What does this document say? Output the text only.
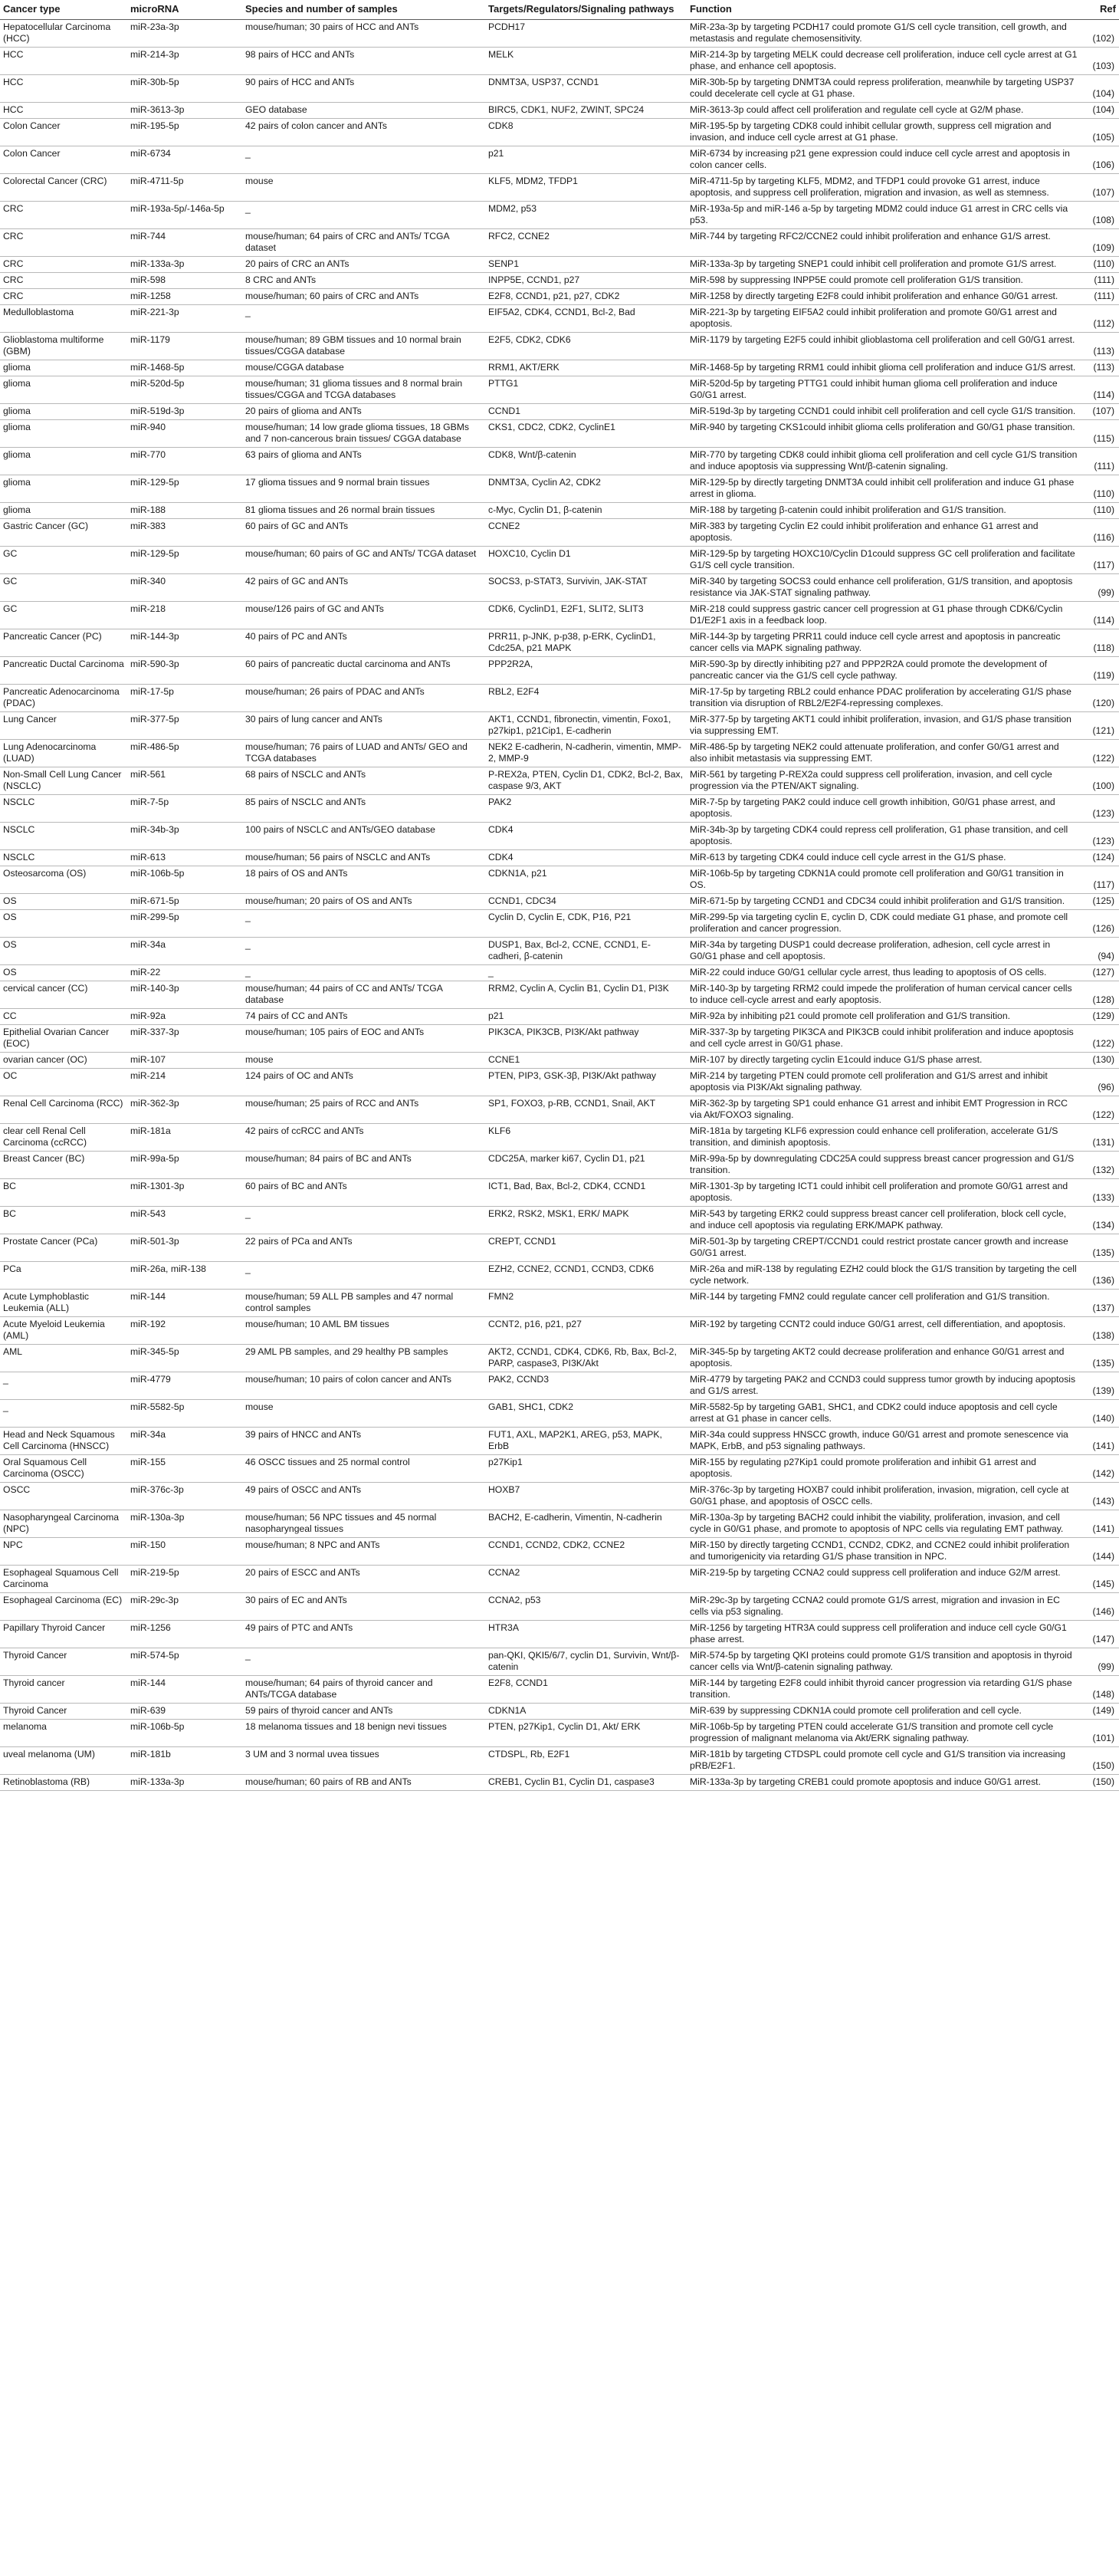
Cancer type	microRNA	Species and number of samples	Targets/Regulators/Signaling pathways	Function	Ref
Hepatocellular Carcinoma (HCC)	miR-23a-3p	mouse/human; 30 pairs of HCC and ANTs	PCDH17	MiR-23a-3p by targeting PCDH17 could promote G1/S cell cycle transition, cell growth, and metastasis and regulate chemosensitivity.	(102)
HCC	miR-214-3p	98 pairs of HCC and ANTs	MELK	MiR-214-3p by targeting MELK could decrease cell proliferation, induce cell cycle arrest at G1 phase, and enhance cell apoptosis.	(103)
HCC	miR-30b-5p	90 pairs of HCC and ANTs	DNMT3A, USP37, CCND1	MiR-30b-5p by targeting DNMT3A could repress proliferation, meanwhile by targeting USP37 could decelerate cell cycle at G1 phase.	(104)
HCC	miR-3613-3p	GEO database	BIRC5, CDK1, NUF2, ZWINT, SPC24	MiR-3613-3p could affect cell proliferation and regulate cell cycle at G2/M phase.	(104)
Colon Cancer	miR-195-5p	42 pairs of colon cancer and ANTs	CDK8	MiR-195-5p by targeting CDK8 could inhibit cellular growth, suppress cell migration and invasion, and induce cell cycle arrest at G1 phase.	(105)
Colon Cancer	miR-6734	_	p21	MiR-6734 by increasing p21 gene expression could induce cell cycle arrest and apoptosis in colon cancer cells.	(106)
Colorectal Cancer (CRC)	miR-4711-5p	mouse	KLF5, MDM2, TFDP1	MiR-4711-5p by targeting KLF5, MDM2, and TFDP1 could provoke G1 arrest, induce apoptosis, and suppress cell proliferation, migration and invasion, as well as stemness.	(107)
CRC	miR-193a-5p/-146a-5p	_	MDM2, p53	MiR-193a-5p and miR-146 a-5p by targeting MDM2 could induce G1 arrest in CRC cells via p53.	(108)
CRC	miR-744	mouse/human; 64 pairs of CRC and ANTs/ TCGA dataset	RFC2, CCNE2	MiR-744 by targeting RFC2/CCNE2 could inhibit proliferation and enhance G1/S arrest.	(109)
CRC	miR-133a-3p	20 pairs of CRC an ANTs	SENP1	MiR-133a-3p by targeting SNEP1 could inhibit cell proliferation and promote G1/S arrest.	(110)
CRC	miR-598	8 CRC and ANTs	INPP5E, CCND1, p27	MiR-598 by suppressing INPP5E could promote cell proliferation G1/S transition.	(111)
CRC	miR-1258	mouse/human; 60 pairs of CRC and ANTs	E2F8, CCND1, p21, p27, CDK2	MiR-1258 by directly targeting E2F8 could inhibit proliferation and enhance G0/G1 arrest.	(111)
Medulloblastoma	miR-221-3p	_	EIF5A2, CDK4, CCND1, Bcl-2, Bad	MiR-221-3p by targeting EIF5A2 could inhibit proliferation and promote G0/G1 arrest and apoptosis.	(112)
Glioblastoma multiforme (GBM)	miR-1179	mouse/human; 89 GBM tissues and 10 normal brain tissues/CGGA database	E2F5, CDK2, CDK6	MiR-1179 by targeting E2F5 could inhibit glioblastoma cell proliferation and cell G0/G1 arrest.	(113)
glioma	miR-1468-5p	mouse/CGGA database	RRM1, AKT/ERK	MiR-1468-5p by targeting RRM1 could inhibit glioma cell proliferation and induce G1/S arrest.	(113)
glioma	miR-520d-5p	mouse/human; 31 glioma tissues and 8 normal brain tissues/CGGA and TCGA databases	PTTG1	MiR-520d-5p by targeting PTTG1 could inhibit human glioma cell proliferation and induce G0/G1 arrest.	(114)
glioma	miR-519d-3p	20 pairs of glioma and ANTs	CCND1	MiR-519d-3p by targeting CCND1 could inhibit cell proliferation and cell cycle G1/S transition.	(107)
glioma	miR-940	mouse/human; 14 low grade glioma tissues, 18 GBMs and 7 non-cancerous brain tissues/ CGGA database	CKS1, CDC2, CDK2, CyclinE1	MiR-940 by targeting CKS1could inhibit glioma cells proliferation and G0/G1 phase transition.	(115)
glioma	miR-770	63 pairs of glioma and ANTs	CDK8, Wnt/β-catenin	MiR-770 by targeting CDK8 could inhibit glioma cell proliferation and cell cycle G1/S transition and induce apoptosis via suppressing Wnt/β-catenin signaling.	(111)
glioma	miR-129-5p	17 glioma tissues and 9 normal brain tissues	DNMT3A, Cyclin A2, CDK2	MiR-129-5p by directly targeting DNMT3A could inhibit cell proliferation and induce G1 phase arrest in glioma.	(110)
glioma	miR-188	81 glioma tissues and 26 normal brain tissues	c-Myc, Cyclin D1, β-catenin	MiR-188 by targeting β-catenin could inhibit proliferation and G1/S transition.	(110)
Gastric Cancer (GC)	miR-383	60 pairs of GC and ANTs	CCNE2	MiR-383 by targeting Cyclin E2 could inhibit proliferation and enhance G1 arrest and apoptosis.	(116)
GC	miR-129-5p	mouse/human; 60 pairs of GC and ANTs/ TCGA dataset	HOXC10, Cyclin D1	MiR-129-5p by targeting HOXC10/Cyclin D1could suppress GC cell proliferation and facilitate G1/S cell cycle transition.	(117)
GC	miR-340	42 pairs of GC and ANTs	SOCS3, p-STAT3, Survivin, JAK-STAT	MiR-340 by targeting SOCS3 could enhance cell proliferation, G1/S transition, and apoptosis resistance via JAK-STAT signaling pathway.	(99)
GC	miR-218	mouse/126 pairs of GC and ANTs	CDK6, CyclinD1, E2F1, SLIT2, SLIT3	MiR-218 could suppress gastric cancer cell progression at G1 phase through CDK6/Cyclin D1/E2F1 axis in a feedback loop.	(114)
Pancreatic Cancer (PC)	miR-144-3p	40 pairs of PC and ANTs	PRR11, p-JNK, p-p38, p-ERK, CyclinD1, Cdc25A, p21 MAPK	MiR-144-3p by targeting PRR11 could induce cell cycle arrest and apoptosis in pancreatic cancer cells via MAPK signaling pathway.	(118)
Pancreatic Ductal Carcinoma	miR-590-3p	60 pairs of pancreatic ductal carcinoma and ANTs	PPP2R2A,	MiR-590-3p by directly inhibiting p27 and PPP2R2A could promote the development of pancreatic cancer via the G1/S cell cycle pathway.	(119)
Pancreatic Adenocarcinoma (PDAC)	miR-17-5p	mouse/human; 26 pairs of PDAC and ANTs	RBL2, E2F4	MiR-17-5p by targeting RBL2 could enhance PDAC proliferation by accelerating G1/S phase transition via disruption of RBL2/E2F4-repressing complexes.	(120)
Lung Cancer	miR-377-5p	30 pairs of lung cancer and ANTs	AKT1, CCND1, fibronectin, vimentin, Foxo1, p27kip1, p21Cip1, E-cadherin	MiR-377-5p by targeting AKT1 could inhibit proliferation, invasion, and G1/S phase transition via suppressing EMT.	(121)
Lung Adenocarcinoma (LUAD)	miR-486-5p	mouse/human; 76 pairs of LUAD and ANTs/ GEO and TCGA databases	NEK2 E-cadherin, N-cadherin, vimentin, MMP-2, MMP-9	MiR-486-5p by targeting NEK2 could attenuate proliferation, and confer G0/G1 arrest and also inhibit metastasis via suppressing EMT.	(122)
Non-Small Cell Lung Cancer (NSCLC)	miR-561	68 pairs of NSCLC and ANTs	P-REX2a, PTEN, Cyclin D1, CDK2, Bcl-2, Bax, caspase 9/3, AKT	MiR-561 by targeting P-REX2a could suppress cell proliferation, invasion, and cell cycle progression via the PTEN/AKT signaling.	(100)
NSCLC	miR-7-5p	85 pairs of NSCLC and ANTs	PAK2	MiR-7-5p by targeting PAK2 could induce cell growth inhibition, G0/G1 phase arrest, and apoptosis.	(123)
NSCLC	miR-34b-3p	100 pairs of NSCLC and ANTs/GEO database	CDK4	MiR-34b-3p by targeting CDK4 could repress cell proliferation, G1 phase transition, and cell apoptosis.	(123)
NSCLC	miR-613	mouse/human; 56 pairs of NSCLC and ANTs	CDK4	MiR-613 by targeting CDK4 could induce cell cycle arrest in the G1/S phase.	(124)
Osteosarcoma (OS)	miR-106b-5p	18 pairs of OS and ANTs	CDKN1A, p21	MiR-106b-5p by targeting CDKN1A could promote cell proliferation and G0/G1 transition in OS.	(117)
OS	miR-671-5p	mouse/human; 20 pairs of OS and ANTs	CCND1, CDC34	MiR-671-5p by targeting CCND1 and CDC34 could inhibit proliferation and G1/S transition.	(125)
OS	miR-299-5p	_	Cyclin D, Cyclin E, CDK, P16, P21	MiR-299-5p via targeting cyclin E, cyclin D, CDK could mediate G1 phase, and promote cell proliferation and cancer progression.	(126)
OS	miR-34a	_	DUSP1, Bax, Bcl-2, CCNE, CCND1, E-cadheri, β-catenin	MiR-34a by targeting DUSP1 could decrease proliferation, adhesion, cell cycle arrest in G0/G1 phase and cell apoptosis.	(94)
OS	miR-22	_	_	MiR-22 could induce G0/G1 cellular cycle arrest, thus leading to apoptosis of OS cells.	(127)
cervical cancer (CC)	miR-140-3p	mouse/human; 44 pairs of CC and ANTs/ TCGA database	RRM2, Cyclin A, Cyclin B1, Cyclin D1, PI3K	MiR-140-3p by targeting RRM2 could impede the proliferation of human cervical cancer cells to induce cell-cycle arrest and early apoptosis.	(128)
CC	miR-92a	74 pairs of CC and ANTs	p21	MiR-92a by inhibiting p21 could promote cell proliferation and G1/S transition.	(129)
Epithelial Ovarian Cancer (EOC)	miR-337-3p	mouse/human; 105 pairs of EOC and ANTs	PIK3CA, PIK3CB, PI3K/Akt pathway	MiR-337-3p by targeting PIK3CA and PIK3CB could inhibit proliferation and induce apoptosis and cell cycle arrest in G0/G1 phase.	(122)
ovarian cancer (OC)	miR-107	mouse	CCNE1	MiR-107 by directly targeting cyclin E1could induce G1/S phase arrest.	(130)
OC	miR-214	124 pairs of OC and ANTs	PTEN, PIP3, GSK-3β, PI3K/Akt pathway	MiR-214 by targeting PTEN could promote cell proliferation and G1/S arrest and inhibit apoptosis via PI3K/Akt signaling pathway.	(96)
Renal Cell Carcinoma (RCC)	miR-362-3p	mouse/human; 25 pairs of RCC and ANTs	SP1, FOXO3, p-RB, CCND1, Snail, AKT	MiR-362-3p by targeting SP1 could enhance G1 arrest and inhibit EMT Progression in RCC via Akt/FOXO3 signaling.	(122)
clear cell Renal Cell Carcinoma (ccRCC)	miR-181a	42 pairs of ccRCC and ANTs	KLF6	MiR-181a by targeting KLF6 expression could enhance cell proliferation, accelerate G1/S transition, and diminish apoptosis.	(131)
Breast Cancer (BC)	miR-99a-5p	mouse/human; 84 pairs of BC and ANTs	CDC25A, marker ki67, Cyclin D1, p21	MiR-99a-5p by downregulating CDC25A could suppress breast cancer progression and G1/S transition.	(132)
BC	miR-1301-3p	60 pairs of BC and ANTs	ICT1, Bad, Bax, Bcl-2, CDK4, CCND1	MiR-1301-3p by targeting ICT1 could inhibit cell proliferation and promote G0/G1 arrest and apoptosis.	(133)
BC	miR-543	_	ERK2, RSK2, MSK1, ERK/ MAPK	MiR-543 by targeting ERK2 could suppress breast cancer cell proliferation, block cell cycle, and induce cell apoptosis via regulating ERK/MAPK pathway.	(134)
Prostate Cancer (PCa)	miR-501-3p	22 pairs of PCa and ANTs	CREPT, CCND1	MiR-501-3p by targeting CREPT/CCND1 could restrict prostate cancer growth and increase G0/G1 arrest.	(135)
PCa	miR-26a, miR-138	_	EZH2, CCNE2, CCND1, CCND3, CDK6	MiR-26a and miR-138 by regulating EZH2 could block the G1/S transition by targeting the cell cycle network.	(136)
Acute Lymphoblastic Leukemia (ALL)	miR-144	mouse/human; 59 ALL PB samples and 47 normal control samples	FMN2	MiR-144 by targeting FMN2 could regulate cancer cell proliferation and G1/S transition.	(137)
Acute Myeloid Leukemia (AML)	miR-192	mouse/human; 10 AML BM tissues	CCNT2, p16, p21, p27	MiR-192 by targeting CCNT2 could induce G0/G1 arrest, cell differentiation, and apoptosis.	(138)
AML	miR-345-5p	29 AML PB samples, and 29 healthy PB samples	AKT2, CCND1, CDK4, CDK6, Rb, Bax, Bcl-2, PARP, caspase3, PI3K/Akt	MiR-345-5p by targeting AKT2 could decrease proliferation and enhance G0/G1 arrest and apoptosis.	(135)
_	miR-4779	mouse/human; 10 pairs of colon cancer and ANTs	PAK2, CCND3	MiR-4779 by targeting PAK2 and CCND3 could suppress tumor growth by inducing apoptosis and G1/S arrest.	(139)
_	miR-5582-5p	mouse	GAB1, SHC1, CDK2	MiR-5582-5p by targeting GAB1, SHC1, and CDK2 could induce apoptosis and cell cycle arrest at G1 phase in cancer cells.	(140)
Head and Neck Squamous Cell Carcinoma (HNSCC)	miR-34a	39 pairs of HNCC and ANTs	FUT1, AXL, MAP2K1, AREG, p53, MAPK, ErbB	MiR-34a could suppress HNSCC growth, induce G0/G1 arrest and promote senescence via MAPK, ErbB, and p53 signaling pathways.	(141)
Oral Squamous Cell Carcinoma (OSCC)	miR-155	46 OSCC tissues and 25 normal control	p27Kip1	MiR-155 by regulating p27Kip1 could promote proliferation and inhibit G1 arrest and apoptosis.	(142)
OSCC	miR-376c-3p	49 pairs of OSCC and ANTs	HOXB7	MiR-376c-3p by targeting HOXB7 could inhibit proliferation, invasion, migration, cell cycle at G0/G1 phase, and apoptosis of OSCC cells.	(143)
Nasopharyngeal Carcinoma (NPC)	miR-130a-3p	mouse/human; 56 NPC tissues and 45 normal nasopharyngeal tissues	BACH2, E-cadherin, Vimentin, N-cadherin	MiR-130a-3p by targeting BACH2 could inhibit the viability, proliferation, invasion, and cell cycle in G0/G1 phase, and promote to apoptosis of NPC cells via regulating EMT pathway.	(141)
NPC	miR-150	mouse/human; 8 NPC and ANTs	CCND1, CCND2, CDK2, CCNE2	MiR-150 by directly targeting CCND1, CCND2, CDK2, and CCNE2 could inhibit proliferation and tumorigenicity via retarding G1/S phase transition in NPC.	(144)
Esophageal Squamous Cell Carcinoma	miR-219-5p	20 pairs of ESCC and ANTs	CCNA2	MiR-219-5p by targeting CCNA2 could suppress cell proliferation and induce G2/M arrest.	(145)
Esophageal Carcinoma (EC)	miR-29c-3p	30 pairs of EC and ANTs	CCNA2, p53	MiR-29c-3p by targeting CCNA2 could promote G1/S arrest, migration and invasion in EC cells via p53 signaling.	(146)
Papillary Thyroid Cancer	miR-1256	49 pairs of PTC and ANTs	HTR3A	MiR-1256 by targeting HTR3A could suppress cell proliferation and induce cell cycle G0/G1 phase arrest.	(147)
Thyroid Cancer	miR-574-5p	_	pan-QKI, QKI5/6/7, cyclin D1, Survivin, Wnt/β-catenin	MiR-574-5p by targeting QKI proteins could promote G1/S transition and apoptosis in thyroid cancer cells via Wnt/β-catenin signaling pathway.	(99)
Thyroid cancer	miR-144	mouse/human; 64 pairs of thyroid cancer and ANTs/TCGA database	E2F8, CCND1	MiR-144 by targeting E2F8 could inhibit thyroid cancer progression via retarding G1/S phase transition.	(148)
Thyroid Cancer	miR-639	59 pairs of thyroid cancer and ANTs	CDKN1A	MiR-639 by suppressing CDKN1A could promote cell proliferation and cell cycle.	(149)
melanoma	miR-106b-5p	18 melanoma tissues and 18 benign nevi tissues	PTEN, p27Kip1, Cyclin D1, Akt/ ERK	MiR-106b-5p by targeting PTEN could accelerate G1/S transition and promote cell cycle progression of malignant melanoma via Akt/ERK signaling pathway.	(101)
uveal melanoma (UM)	miR-181b	3 UM and 3 normal uvea tissues	CTDSPL, Rb, E2F1	MiR-181b by targeting CTDSPL could promote cell cycle and G1/S transition via increasing pRB/E2F1.	(150)
Retinoblastoma (RB)	miR-133a-3p	mouse/human; 60 pairs of RB and ANTs	CREB1, Cyclin B1, Cyclin D1, caspase3	MiR-133a-3p by targeting CREB1 could promote apoptosis and induce G0/G1 arrest.	(150)
